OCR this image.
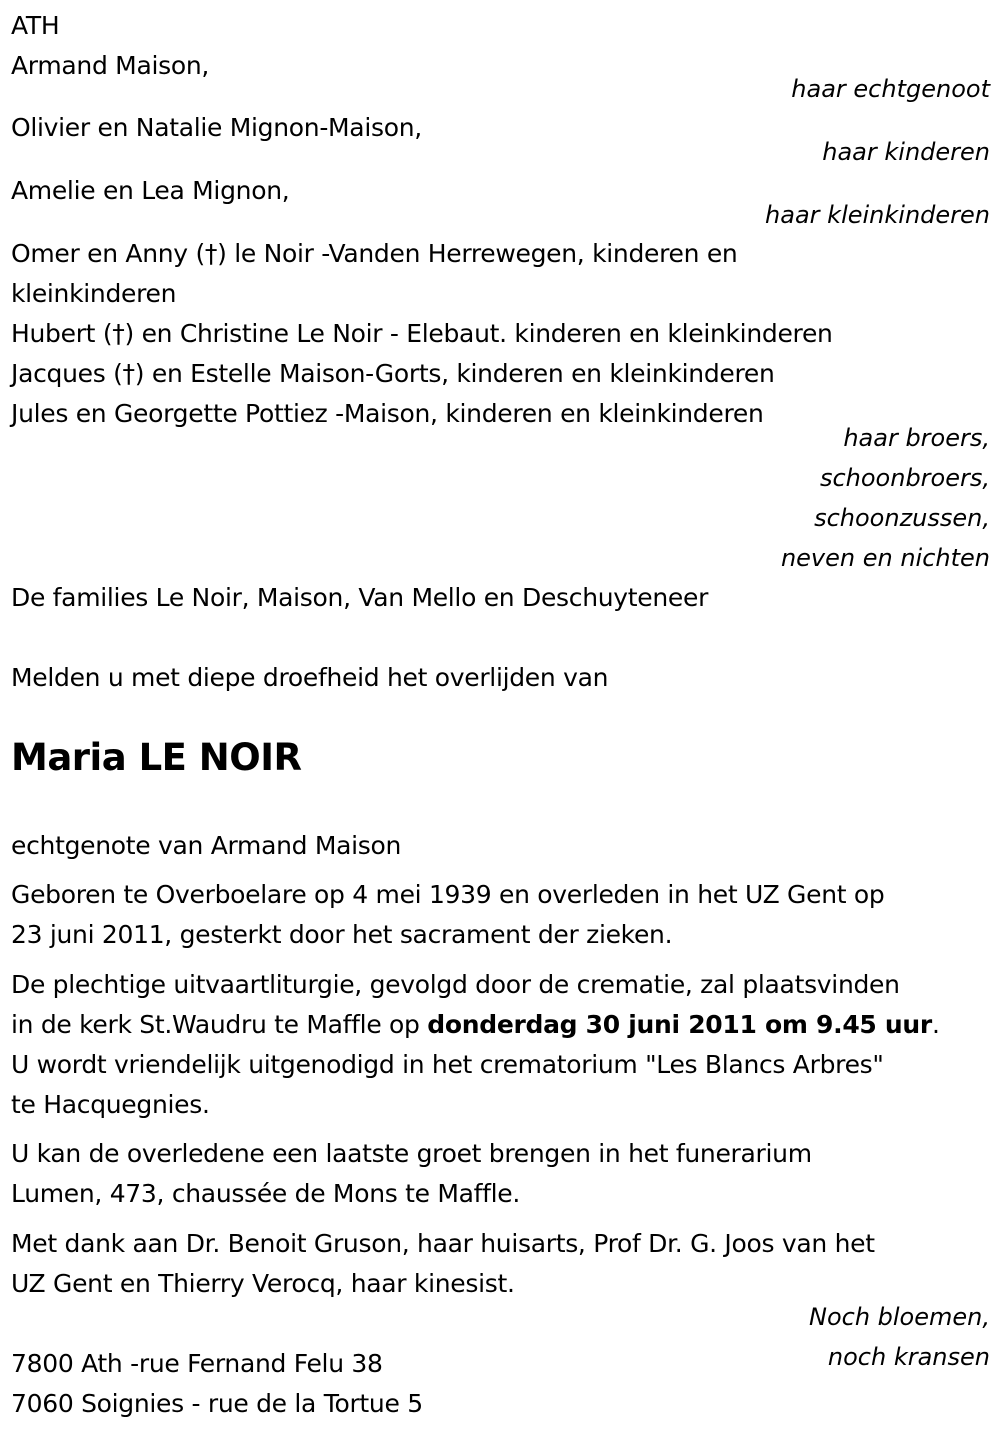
ATH
Armand Maison,
haar echtgenoot
Olivier en Natalie Mignon-Maison,
haar kinderen
Amelie en Lea Mignon,
haar kleinkinderen
Omer en Anny (†) le Noir -Vanden Herrewegen, kinderen en
kleinkinderen
Hubert (†) en Christine Le Noir - Elebaut. kinderen en kleinkinderen
Jacques (†) en Estelle Maison-Gorts, kinderen en kleinkinderen
Jules en Georgette Pottiez -Maison, kinderen en kleinkinderen
haar broers,
schoonbroers,
schoonzussen,
neven en nichten
De families Le Noir, Maison, Van Mello en Deschuyteneer
Melden u met diepe droefheid het overlijden van
Maria LE NOIR
echtgenote van Armand Maison
Geboren te Overboelare op 4 mei 1939 en overleden in het UZ Gent op
23 juni 2011, gesterkt door het sacrament der zieken.
De plechtige uitvaartliturgie, gevolgd door de crematie, zal plaatsvinden
in de kerk St.Waudru te Maffle op donderdag 30 juni 2011 om 9.45 uur.
U wordt vriendelijk uitgenodigd in het crematorium "Les Blancs Arbres"
te Hacquegnies.
U kan de overledene een laatste groet brengen in het funerarium
Lumen, 473, chaussée de Mons te Maffle.
Met dank aan Dr. Benoit Gruson, haar huisarts, Prof Dr. G. Joos van het
UZ Gent en Thierry Verocq, haar kinesist.
Noch bloemen,
noch kransen
7800 Ath -rue Fernand Felu 38
7060 Soignies - rue de la Tortue 5
